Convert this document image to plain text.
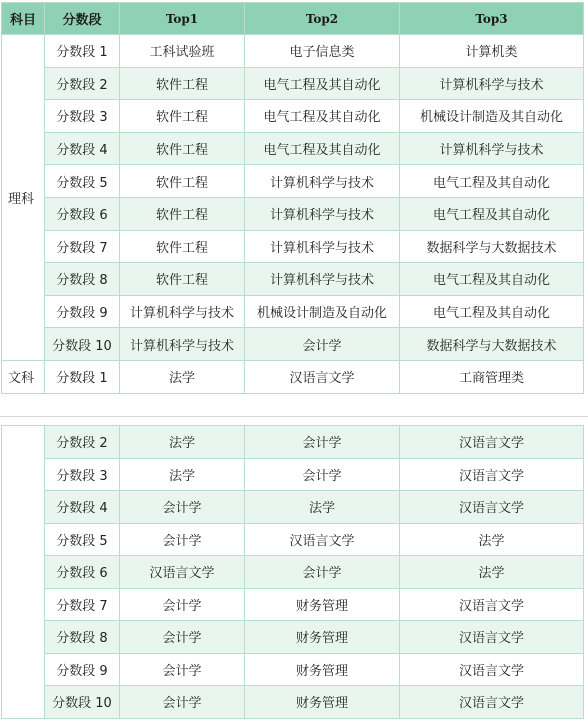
科目	分数段	Top1	Top2	Top3
理科	分数段 1	工科试验班	电子信息类	计算机类
	分数段 2	软件工程	电气工程及其自动化	计算机科学与技术
	分数段 3	软件工程	电气工程及其自动化	机械设计制造及其自动化
	分数段 4	软件工程	电气工程及其自动化	计算机科学与技术
	分数段 5	软件工程	计算机科学与技术	电气工程及其自动化
	分数段 6	软件工程	计算机科学与技术	电气工程及其自动化
	分数段 7	软件工程	计算机科学与技术	数据科学与大数据技术
	分数段 8	软件工程	计算机科学与技术	电气工程及其自动化
	分数段 9	计算机科学与技术	机械设计制造及自动化	电气工程及其自动化
	分数段 10	计算机科学与技术	会计学	数据科学与大数据技术
文科	分数段 1	法学	汉语言文学	工商管理类
	分数段 2	法学	会计学	汉语言文学
	分数段 3	法学	会计学	汉语言文学
	分数段 4	会计学	法学	汉语言文学
	分数段 5	会计学	汉语言文学	法学
	分数段 6	汉语言文学	会计学	法学
	分数段 7	会计学	财务管理	汉语言文学
	分数段 8	会计学	财务管理	汉语言文学
	分数段 9	会计学	财务管理	汉语言文学
	分数段 10	会计学	财务管理	汉语言文学
